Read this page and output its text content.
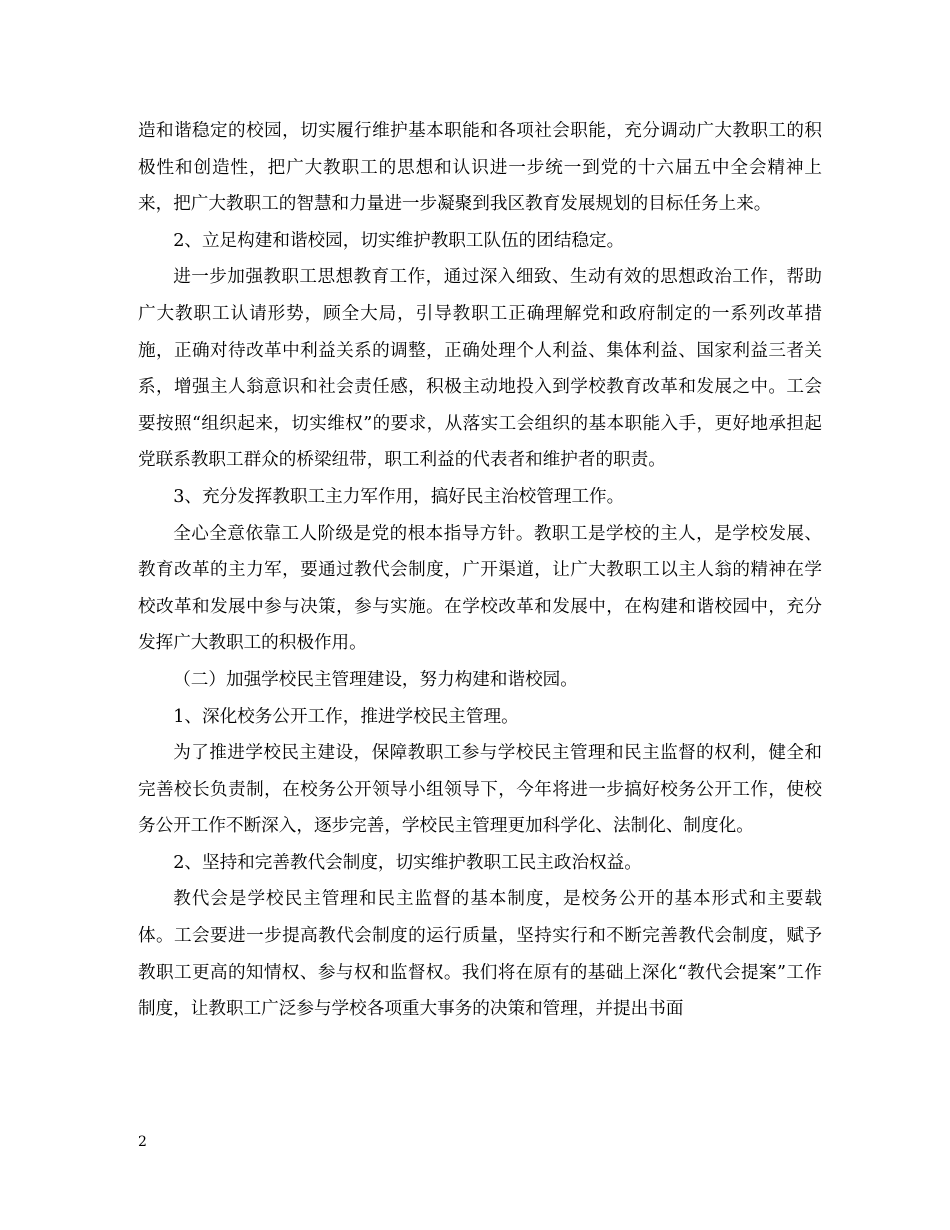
造和谐稳定的校园，切实履行维护基本职能和各项社会职能，充分调动广大教职工的积极性和创造性，把广大教职工的思想和认识进一步统一到党的十六届五中全会精神上来，把广大教职工的智慧和力量进一步凝聚到我区教育发展规划的目标任务上来。

2、立足构建和谐校园，切实维护教职工队伍的团结稳定。

进一步加强教职工思想教育工作，通过深入细致、生动有效的思想政治工作，帮助广大教职工认请形势，顾全大局，引导教职工正确理解党和政府制定的一系列改革措施，正确对待改革中利益关系的调整，正确处理个人利益、集体利益、国家利益三者关系，增强主人翁意识和社会责任感，积极主动地投入到学校教育改革和发展之中。工会要按照“组织起来，切实维权”的要求，从落实工会组织的基本职能入手，更好地承担起党联系教职工群众的桥梁纽带，职工利益的代表者和维护者的职责。

3、充分发挥教职工主力军作用，搞好民主治校管理工作。

全心全意依靠工人阶级是党的根本指导方针。教职工是学校的主人，是学校发展、教育改革的主力军，要通过教代会制度，广开渠道，让广大教职工以主人翁的精神在学校改革和发展中参与决策，参与实施。在学校改革和发展中，在构建和谐校园中，充分发挥广大教职工的积极作用。

（二）加强学校民主管理建设，努力构建和谐校园。

1、深化校务公开工作，推进学校民主管理。

为了推进学校民主建设，保障教职工参与学校民主管理和民主监督的权利，健全和完善校长负责制，在校务公开领导小组领导下，今年将进一步搞好校务公开工作，使校务公开工作不断深入，逐步完善，学校民主管理更加科学化、法制化、制度化。

2、坚持和完善教代会制度，切实维护教职工民主政治权益。

教代会是学校民主管理和民主监督的基本制度，是校务公开的基本形式和主要载体。工会要进一步提高教代会制度的运行质量，坚持实行和不断完善教代会制度，赋予教职工更高的知情权、参与权和监督权。我们将在原有的基础上深化“教代会提案”工作制度，让教职工广泛参与学校各项重大事务的决策和管理，并提出书面

2
